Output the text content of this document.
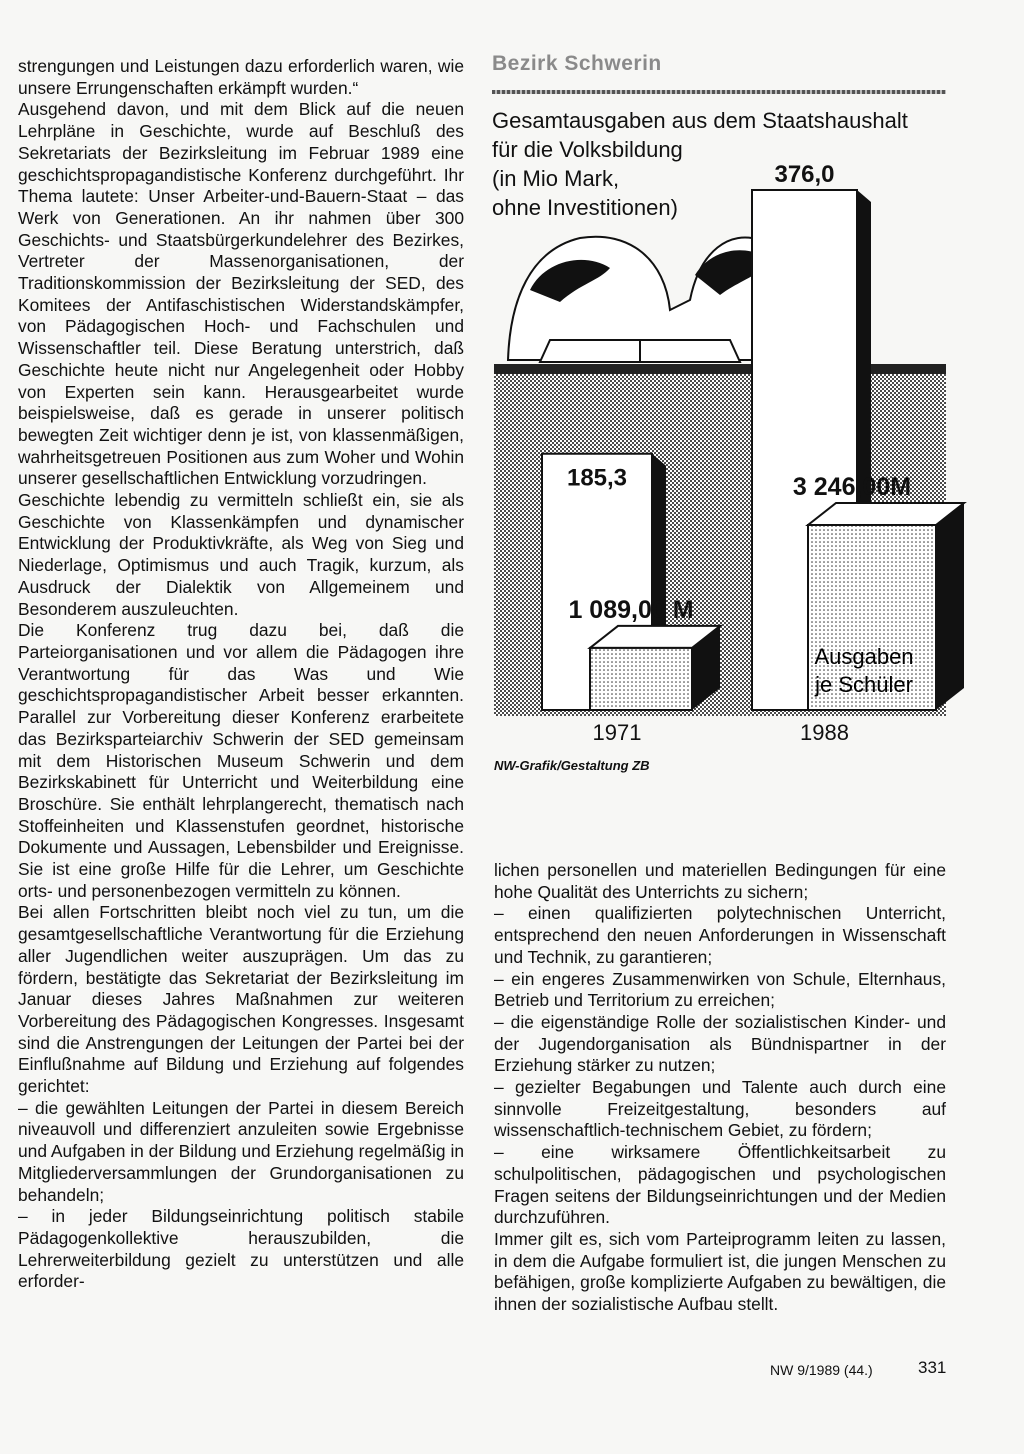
strengungen und Leistungen dazu erforderlich waren, wie unsere Errungenschaften erkämpft wurden.“

Ausgehend davon, und mit dem Blick auf die neuen Lehrpläne in Geschichte, wurde auf Beschluß des Sekretariats der Bezirksleitung im Februar 1989 eine geschichtspropagandistische Konferenz durchgeführt. Ihr Thema lautete: Unser Arbeiter-und-Bauern-Staat – das Werk von Generationen. An ihr nahmen über 300 Geschichts- und Staatsbürgerkundelehrer des Bezirkes, Vertreter der Massenorganisationen, der Traditionskommission der Bezirksleitung der SED, des Komitees der Antifaschistischen Widerstandskämpfer, von Pädagogischen Hoch- und Fachschulen und Wissenschaftler teil. Diese Beratung unterstrich, daß Geschichte heute nicht nur Angelegenheit oder Hobby von Experten sein kann. Herausgearbeitet wurde beispielsweise, daß es gerade in unserer politisch bewegten Zeit wichtiger denn je ist, von klassenmäßigen, wahrheitsgetreuen Positionen aus zum Woher und Wohin unserer gesellschaftlichen Entwicklung vorzudringen.

Geschichte lebendig zu vermitteln schließt ein, sie als Geschichte von Klassenkämpfen und dynamischer Entwicklung der Produktivkräfte, als Weg von Sieg und Niederlage, Optimismus und auch Tragik, kurzum, als Ausdruck der Dialektik von Allgemeinem und Besonderem auszuleuchten.

Die Konferenz trug dazu bei, daß die Parteiorganisationen und vor allem die Pädagogen ihre Verantwortung für das Was und Wie geschichtspropagandistischer Arbeit besser erkannten. Parallel zur Vorbereitung dieser Konferenz erarbeitete das Bezirksparteiarchiv Schwerin der SED gemeinsam mit dem Historischen Museum Schwerin und dem Bezirkskabinett für Unterricht und Weiterbildung eine Broschüre. Sie enthält lehrplangerecht, thematisch nach Stoffeinheiten und Klassenstufen geordnet, historische Dokumente und Aussagen, Lebensbilder und Ereignisse. Sie ist eine große Hilfe für die Lehrer, um Geschichte orts- und personenbezogen vermitteln zu können.

Bei allen Fortschritten bleibt noch viel zu tun, um die gesamtgesellschaftliche Verantwortung für die Erziehung aller Jugendlichen weiter auszuprägen. Um das zu fördern, bestätigte das Sekretariat der Bezirksleitung im Januar dieses Jahres Maßnahmen zur weiteren Vorbereitung des Pädagogischen Kongresses. Insgesamt sind die Anstrengungen der Leitungen der Partei bei der Einflußnahme auf Bildung und Erziehung auf folgendes gerichtet:

– die gewählten Leitungen der Partei in diesem Bereich niveauvoll und differenziert anzuleiten sowie Ergebnisse und Aufgaben in der Bildung und Erziehung regelmäßig in Mitgliederversammlungen der Grundorganisationen zu behandeln;

– in jeder Bildungseinrichtung politisch stabile Pädagogenkollektive herauszubilden, die Lehrerweiterbildung gezielt zu unterstützen und alle erforder-

Bezirk Schwerin
Gesamtausgaben aus dem Staatshaushalt
für die Volksbildung
(in Mio Mark,
ohne Investitionen)
185,3
1 089,00 M
1971
376,0
3 246,00M
1988
Ausgaben
je Schüler
NW-Grafik/Gestaltung ZB

lichen personellen und materiellen Bedingungen für eine hohe Qualität des Unterrichts zu sichern;

– einen qualifizierten polytechnischen Unterricht, entsprechend den neuen Anforderungen in Wissenschaft und Technik, zu garantieren;

– ein engeres Zusammenwirken von Schule, Elternhaus, Betrieb und Territorium zu erreichen;

– die eigenständige Rolle der sozialistischen Kinder- und der Jugendorganisation als Bündnispartner in der Erziehung stärker zu nutzen;

– gezielter Begabungen und Talente auch durch eine sinnvolle Freizeitgestaltung, besonders auf wissenschaftlich-technischem Gebiet, zu fördern;

– eine wirksamere Öffentlichkeitsarbeit zu schulpolitischen, pädagogischen und psychologischen Fragen seitens der Bildungseinrichtungen und der Medien durchzuführen.

Immer gilt es, sich vom Parteiprogramm leiten zu lassen, in dem die Aufgabe formuliert ist, die jungen Menschen zu befähigen, große komplizierte Aufgaben zu bewältigen, die ihnen der sozialistische Aufbau stellt.

NW 9/1989 (44.)	331
